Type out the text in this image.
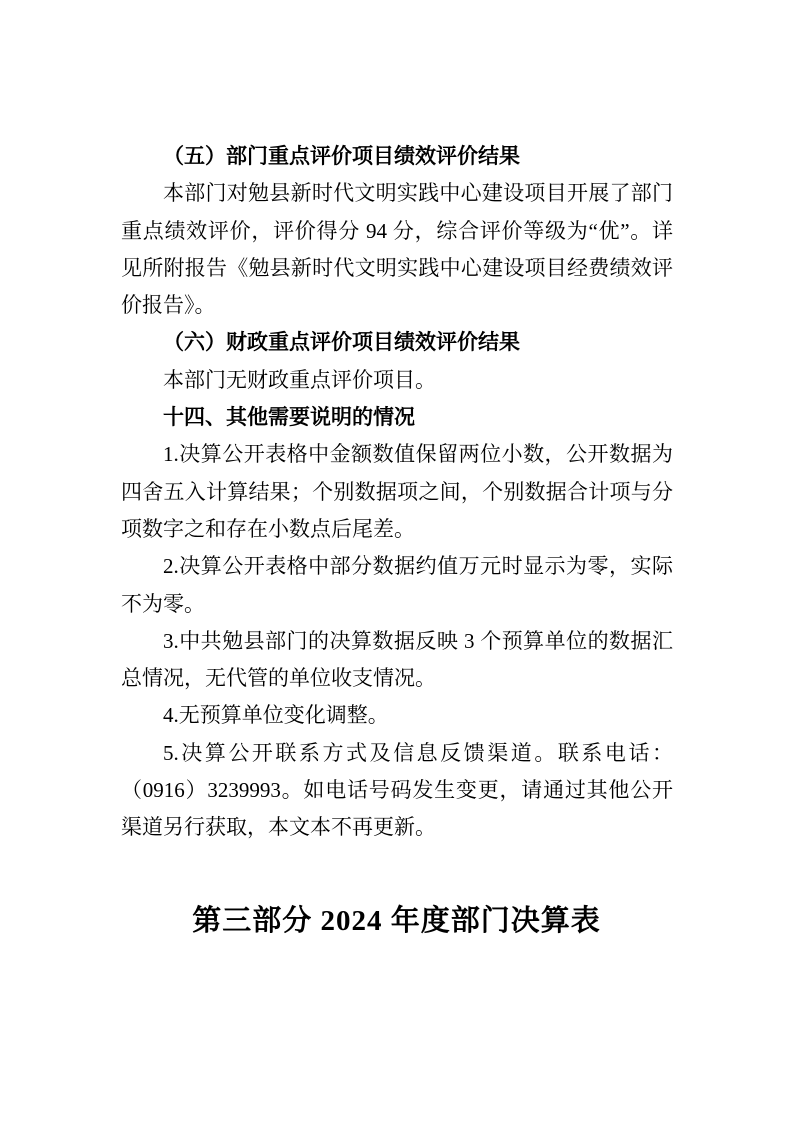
（五）部门重点评价项目绩效评价结果

本部门对勉县新时代文明实践中心建设项目开展了部门重点绩效评价，评价得分 94 分，综合评价等级为“优”。详见所附报告《勉县新时代文明实践中心建设项目经费绩效评价报告》。

（六）财政重点评价项目绩效评价结果

本部门无财政重点评价项目。

十四、其他需要说明的情况

1.决算公开表格中金额数值保留两位小数，公开数据为四舍五入计算结果；个别数据项之间，个别数据合计项与分项数字之和存在小数点后尾差。

2.决算公开表格中部分数据约值万元时显示为零，实际不为零。

3.中共勉县部门的决算数据反映 3 个预算单位的数据汇总情况，无代管的单位收支情况。

4.无预算单位变化调整。

5.决算公开联系方式及信息反馈渠道。联系电话：（0916）3239993。如电话号码发生变更，请通过其他公开渠道另行获取，本文本不再更新。

第三部分 2024 年度部门决算表
